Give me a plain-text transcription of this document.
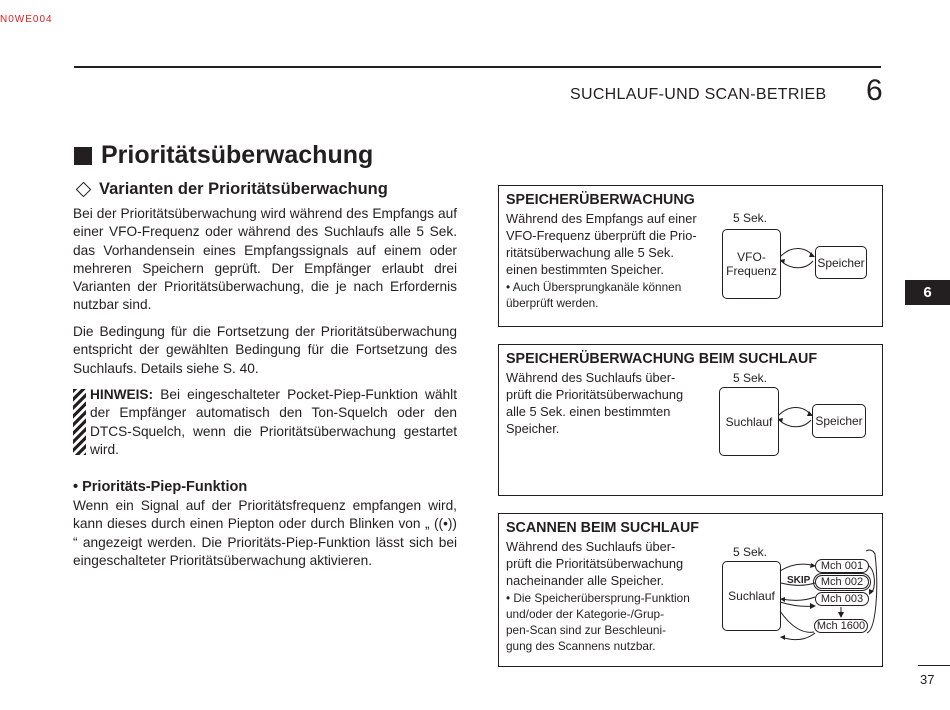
N0WE004
SUCHLAUF-UND SCAN-BETRIEB 6
Prioritätsüberwachung
Varianten der Prioritätsüberwachung
Bei der Prioritätsüberwachung wird während des Empfangs auf einer VFO-Frequenz oder während des Suchlaufs alle 5 Sek. das Vorhandensein eines Empfangssignals auf einem oder mehreren Speichern geprüft. Der Empfänger erlaubt drei Varianten der Prioritätsüberwachung, die je nach Erfordernis nutzbar sind.
Die Bedingung für die Fortsetzung der Prioritätsüberwachung entspricht der gewählten Bedingung für die Fortsetzung des Suchlaufs. Details siehe S. 40.
HINWEIS: Bei eingeschalteter Pocket-Piep-Funktion wählt der Empfänger automatisch den Ton-Squelch oder den DTCS-Squelch, wenn die Prioritätsüberwachung gestartet wird.
• Prioritäts-Piep-Funktion
Wenn ein Signal auf der Prioritätsfrequenz empfangen wird, kann dieses durch einen Piepton oder durch Blinken von „ ((•)) “ angezeigt werden. Die Prioritäts-Piep-Funktion lässt sich bei eingeschalteter Prioritätsüberwachung aktivieren.
SPEICHERÜBERWACHUNG
Während des Empfangs auf einer
VFO-Frequenz überprüft die Prio-
ritätsüberwachung alle 5 Sek.
einen bestimmten Speicher.
• Auch Übersprungkanäle können
überprüft werden.
5 Sek.
VFO-
Frequenz
Speicher
SPEICHERÜBERWACHUNG BEIM SUCHLAUF
Während des Suchlaufs über-
prüft die Prioritätsüberwachung
alle 5 Sek. einen bestimmten
Speicher.
5 Sek.
Suchlauf	Speicher
SCANNEN BEIM SUCHLAUF
Während des Suchlaufs über-
prüft die Prioritätsüberwachung
nacheinander alle Speicher.
• Die Speicherübersprung-Funktion
und/oder der Kategorie-/Grup-
pen-Scan sind zur Beschleuni-
gung des Scannens nutzbar.
5 Sek.
Suchlauf
SKIP
Mch 001
Mch 002
Mch 003
Mch 1600
6
37
